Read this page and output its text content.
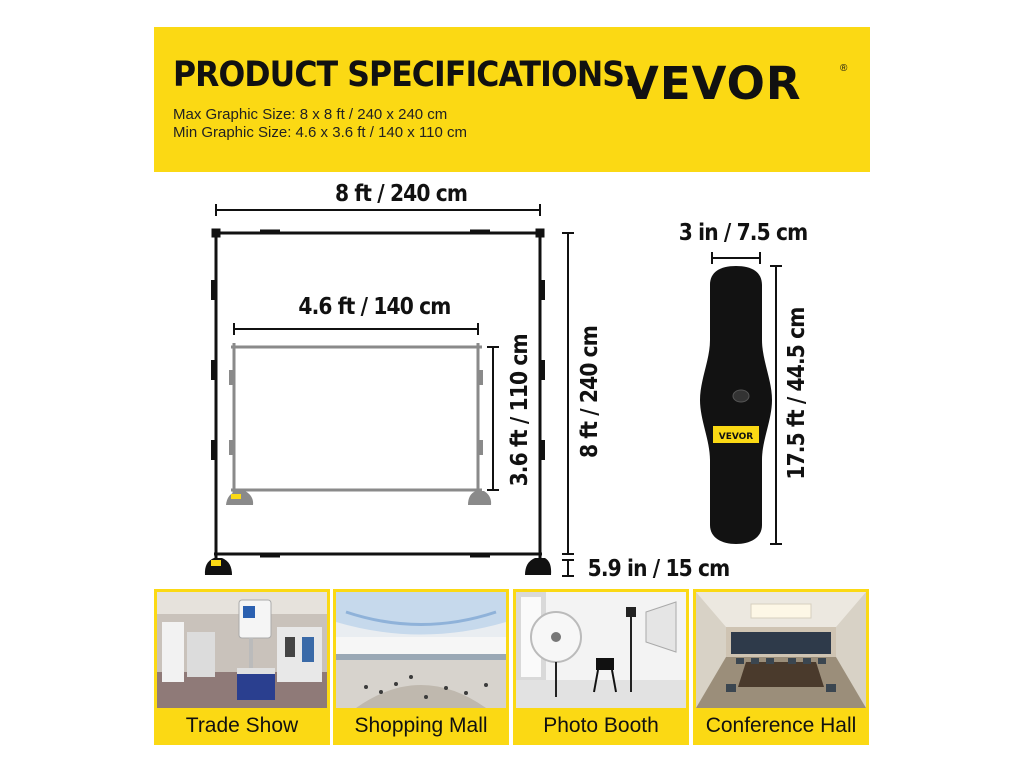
PRODUCT SPECIFICATIONS:
Max Graphic Size: 8 x 8 ft / 240 x 240 cm
Min Graphic Size: 4.6 x 3.6 ft / 140 x 110 cm
VEVOR	®
VEVOR
8 ft / 240 cm
4.6 ft / 140 cm
3.6 ft / 110 cm 8 ft / 240 cm
5.9 in / 15 cm
3 in / 7.5 cm
17.5 ft / 44.5 cm
Trade Show	Shopping Mall	Photo Booth	Conference Hall
